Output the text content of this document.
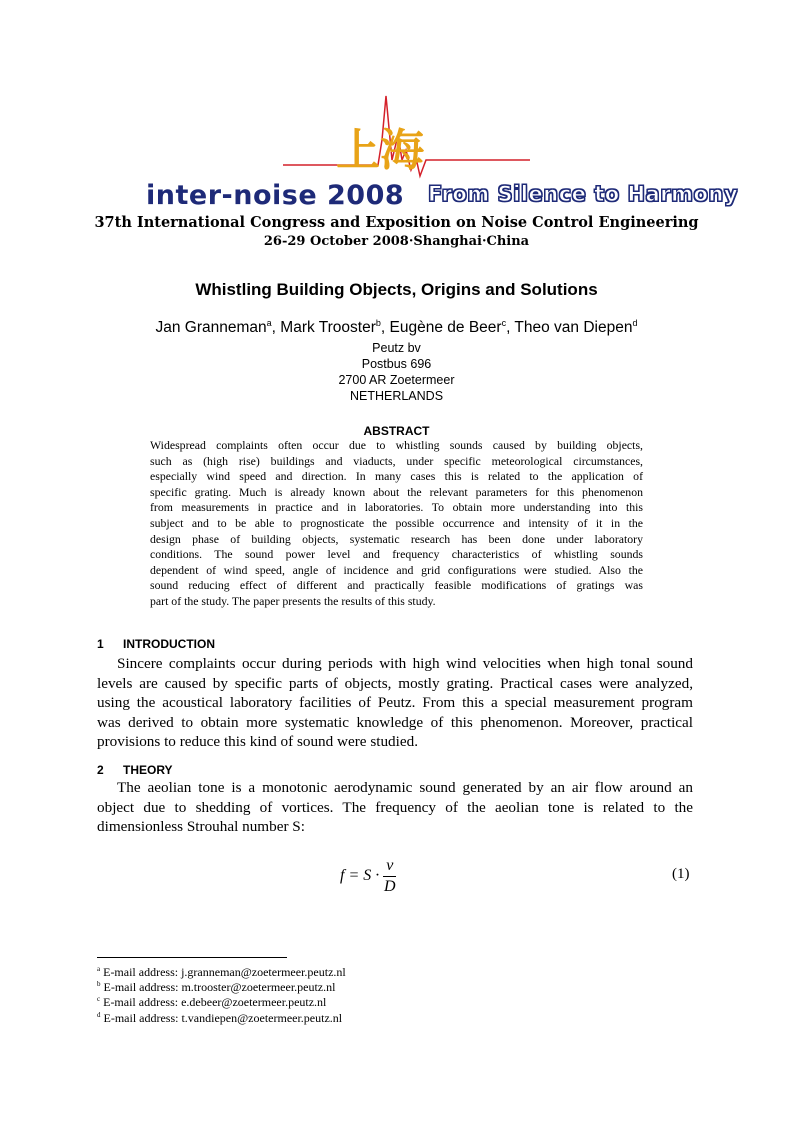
上海
inter-noise 2008 From Silence to Harmony
37th International Congress and Exposition on Noise Control Engineering
26-29 October 2008·Shanghai·China
Whistling Building Objects, Origins and Solutions
Jan Granneman$^a$, Mark Trooster$^b$, Eugène de Beer$^c$, Theo van Diepen$^d$
Peutz bv
Postbus 696
2700 AR Zoetermeer
NETHERLANDS
ABSTRACT
Widespread complaints often occur due to whistling sounds caused by building objects,
such as (high rise) buildings and viaducts, under specific meteorological circumstances,
especially wind speed and direction. In many cases this is related to the application of
specific grating. Much is already known about the relevant parameters for this phenomenon
from measurements in practice and in laboratories. To obtain more understanding into this
subject and to be able to prognosticate the possible occurrence and intensity of it in the
design phase of building objects, systematic research has been done under laboratory
conditions. The sound power level and frequency characteristics of whistling sounds
dependent of wind speed, angle of incidence and grid configurations were studied. Also the
sound reducing effect of different and practically feasible modifications of gratings was
part of the study. The paper presents the results of this study.
1 INTRODUCTION
Sincere complaints occur during periods with high wind velocities when high tonal sound
levels are caused by specific parts of objects, mostly grating. Practical cases were analyzed,
using the acoustical laboratory facilities of Peutz. From this a special measurement program
was derived to obtain more systematic knowledge of this phenomenon. Moreover, practical
provisions to reduce this kind of sound were studied.
2 THEORY
The aeolian tone is a monotonic aerodynamic sound generated by an air flow around an
object due to shedding of vortices. The frequency of the aeolian tone is related to the
dimensionless Strouhal number S:
$f = S \cdot \frac{v}{D}$	(1)
$^a$ E-mail address: j.granneman@zoetermeer.peutz.nl
$^b$ E-mail address: m.trooster@zoetermeer.peutz.nl
$^c$ E-mail address: e.debeer@zoetermeer.peutz.nl
$^d$ E-mail address: t.vandiepen@zoetermeer.peutz.nl
